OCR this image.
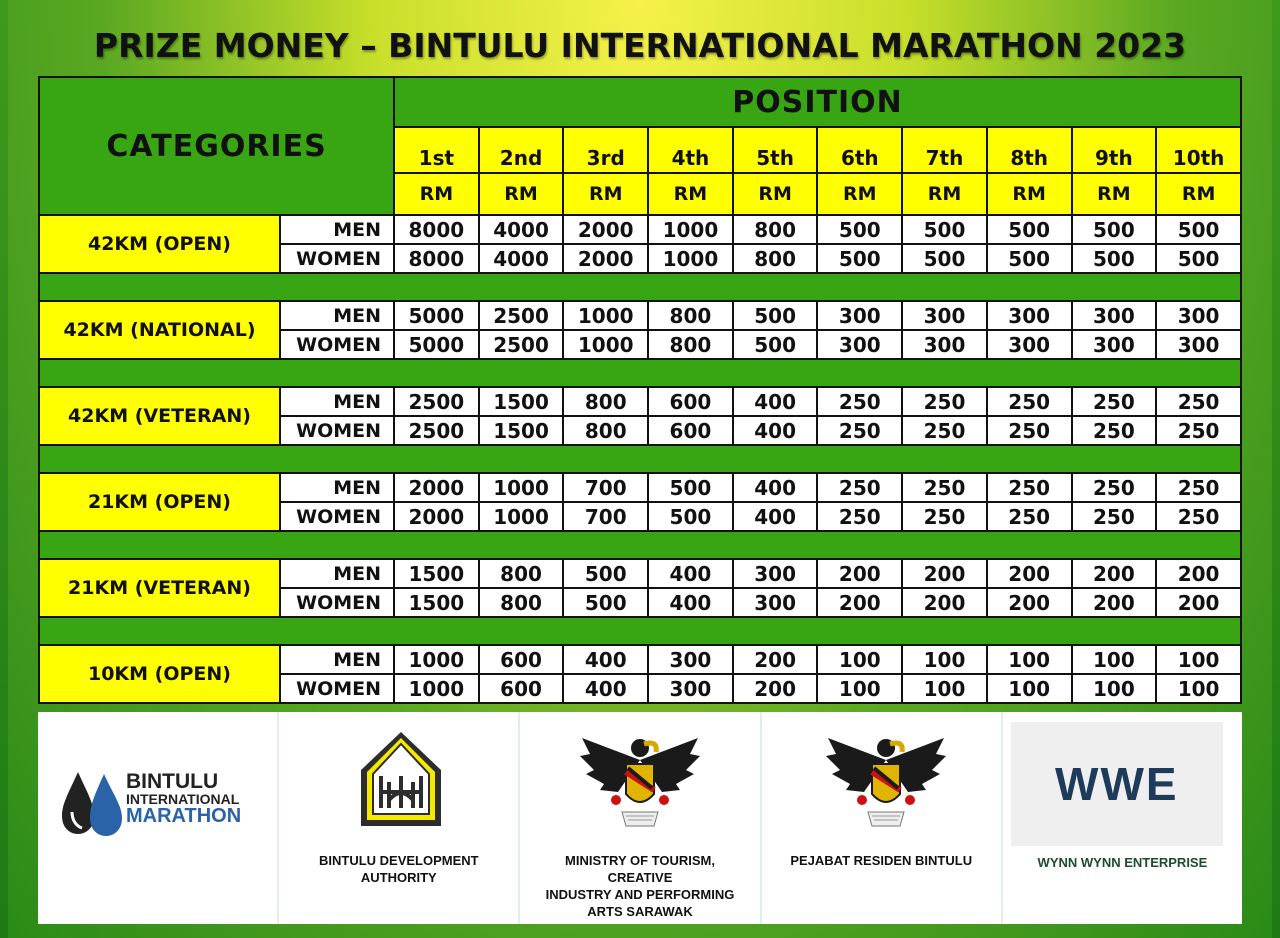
PRIZE MONEY – BINTULU INTERNATIONAL MARATHON 2023
CATEGORIES		POSITION									
		1st	2nd	3rd	4th	5th	6th	7th	8th	9th	10th
		RM	RM	RM	RM	RM	RM	RM	RM	RM	RM
42KM (OPEN)	MEN	8000	4000	2000	1000	800	500	500	500	500	500
	WOMEN	8000	4000	2000	1000	800	500	500	500	500	500

42KM (NATIONAL)	MEN	5000	2500	1000	800	500	300	300	300	300	300
	WOMEN	5000	2500	1000	800	500	300	300	300	300	300

42KM (VETERAN)	MEN	2500	1500	800	600	400	250	250	250	250	250
	WOMEN	2500	1500	800	600	400	250	250	250	250	250

21KM (OPEN)	MEN	2000	1000	700	500	400	250	250	250	250	250
	WOMEN	2000	1000	700	500	400	250	250	250	250	250

21KM (VETERAN)	MEN	1500	800	500	400	300	200	200	200	200	200
	WOMEN	1500	800	500	400	300	200	200	200	200	200

10KM (OPEN)	MEN	1000	600	400	300	200	100	100	100	100	100
	WOMEN	1000	600	400	300	200	100	100	100	100	100
BINTULU
INTERNATIONAL
MARATHON
BINTULU DEVELOPMENT
AUTHORITY
MINISTRY OF TOURISM,
CREATIVE
INDUSTRY AND PERFORMING
ARTS SARAWAK
PEJABAT RESIDEN BINTULU
WWE
WYNN WYNN ENTERPRISE
